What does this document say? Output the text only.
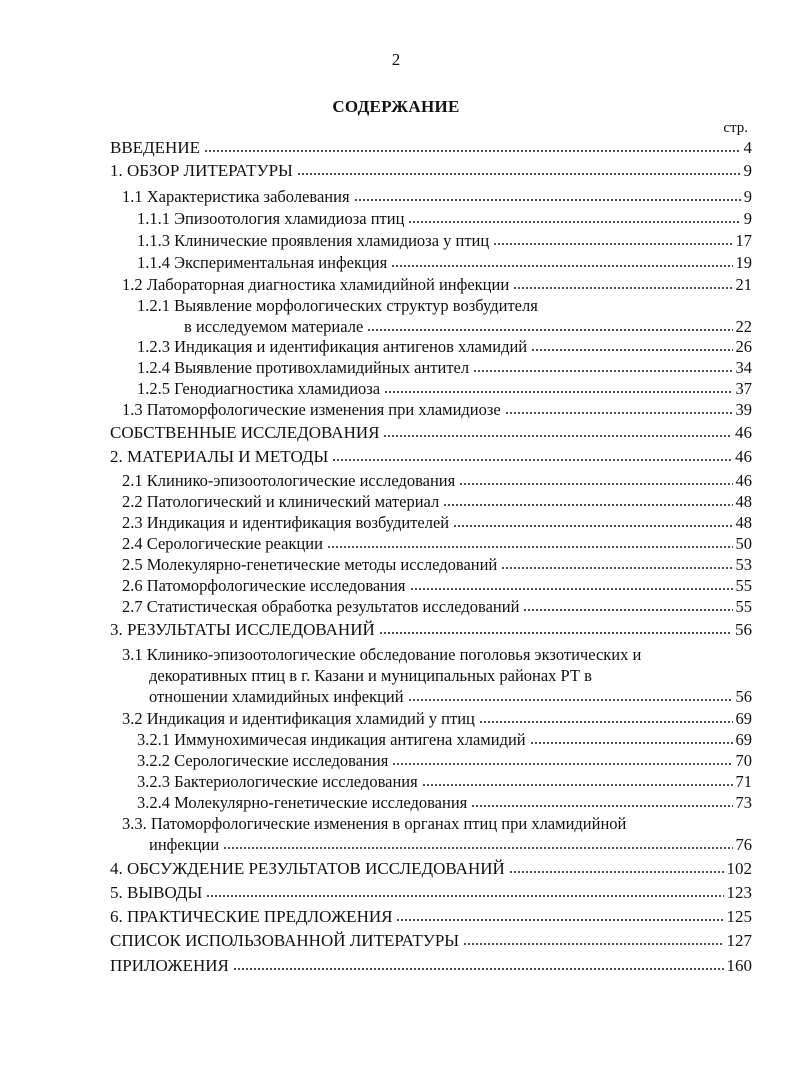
2
СОДЕРЖАНИЕ
стр.
ВВЕДЕНИЕ	4
1. ОБЗОР ЛИТЕРАТУРЫ	9
1.1 Характеристика заболевания	9
1.1.1 Эпизоотология хламидиоза птиц	9
1.1.3 Клинические проявления хламидиоза у птиц	17
1.1.4 Экспериментальная инфекция	19
1.2 Лабораторная диагностика хламидийной инфекции	21
1.2.1 Выявление морфологических структур возбудителя
в исследуемом материале	22
1.2.3 Индикация и идентификация антигенов хламидий	26
1.2.4 Выявление противохламидийных антител	34
1.2.5 Генодиагностика хламидиоза	37
1.3 Патоморфологические изменения при хламидиозе	39
СОБСТВЕННЫЕ ИССЛЕДОВАНИЯ	46
2. МАТЕРИАЛЫ И МЕТОДЫ	46
2.1 Клинико-эпизоотологические исследования	46
2.2 Патологический и клинический материал	48
2.3 Индикация и идентификация возбудителей	48
2.4 Серологические реакции	50
2.5 Молекулярно-генетические методы исследований	53
2.6 Патоморфологические исследования	55
2.7 Статистическая обработка результатов исследований	55
3. РЕЗУЛЬТАТЫ ИССЛЕДОВАНИЙ	56
3.1 Клинико-эпизоотологические обследование поголовья экзотических и
декоративных птиц в г. Казани и муниципальных районах РТ в
отношении хламидийных инфекций	56
3.2 Индикация и идентификация хламидий у птиц	69
3.2.1 Иммунохимичесая индикация антигена хламидий	69
3.2.2 Серологические исследования	70
3.2.3 Бактериологические исследования	71
3.2.4 Молекулярно-генетические исследования	73
3.3. Патоморфологические изменения в органах птиц при хламидийной
инфекции	76
4. ОБСУЖДЕНИЕ РЕЗУЛЬТАТОВ ИССЛЕДОВАНИЙ	102
5. ВЫВОДЫ	123
6. ПРАКТИЧЕСКИЕ ПРЕДЛОЖЕНИЯ	125
СПИСОК ИСПОЛЬЗОВАННОЙ ЛИТЕРАТУРЫ	127
ПРИЛОЖЕНИЯ	160
